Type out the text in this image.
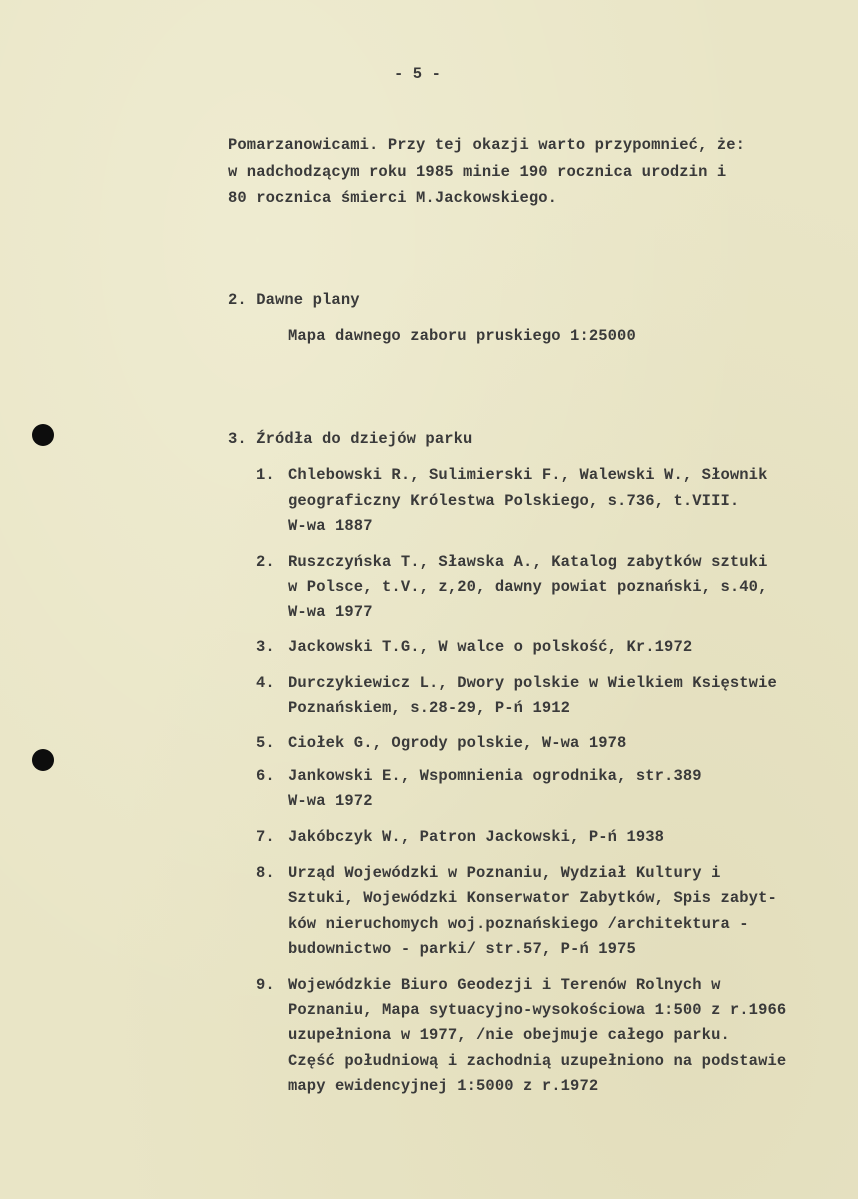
- 5 -
Pomarzanowicami. Przy tej okazji warto przypomnieć, że:
w nadchodzącym roku 1985 minie 190 rocznica urodzin i
80 rocznica śmierci M.Jackowskiego.
2. Dawne plany
Mapa dawnego zaboru pruskiego 1:25000
3. Źródła do dziejów parku
1. Chlebowski R., Sulimierski F., Walewski W., Słownik
geograficzny Królestwa Polskiego, s.736, t.VIII.
W-wa 1887
2. Ruszczyńska T., Sławska A., Katalog zabytków sztuki
w Polsce, t.V., z,20, dawny powiat poznański, s.40,
W-wa 1977
3. Jackowski T.G., W walce o polskość, Kr.1972
4. Durczykiewicz L., Dwory polskie w Wielkiem Księstwie
Poznańskiem, s.28-29, P-ń 1912
5. Ciołek G., Ogrody polskie, W-wa 1978
6. Jankowski E., Wspomnienia ogrodnika, str.389
W-wa 1972
7. Jakóbczyk W., Patron Jackowski, P-ń 1938
8. Urząd Wojewódzki w Poznaniu, Wydział Kultury i
Sztuki, Wojewódzki Konserwator Zabytków, Spis zabyt-
ków nieruchomych woj.poznańskiego /architektura -
budownictwo - parki/ str.57, P-ń 1975
9. Wojewódzkie Biuro Geodezji i Terenów Rolnych w
Poznaniu, Mapa sytuacyjno-wysokościowa 1:500 z r.1966
uzupełniona w 1977, /nie obejmuje całego parku.
Część południową i zachodnią uzupełniono na podstawie
mapy ewidencyjnej 1:5000 z r.1972
